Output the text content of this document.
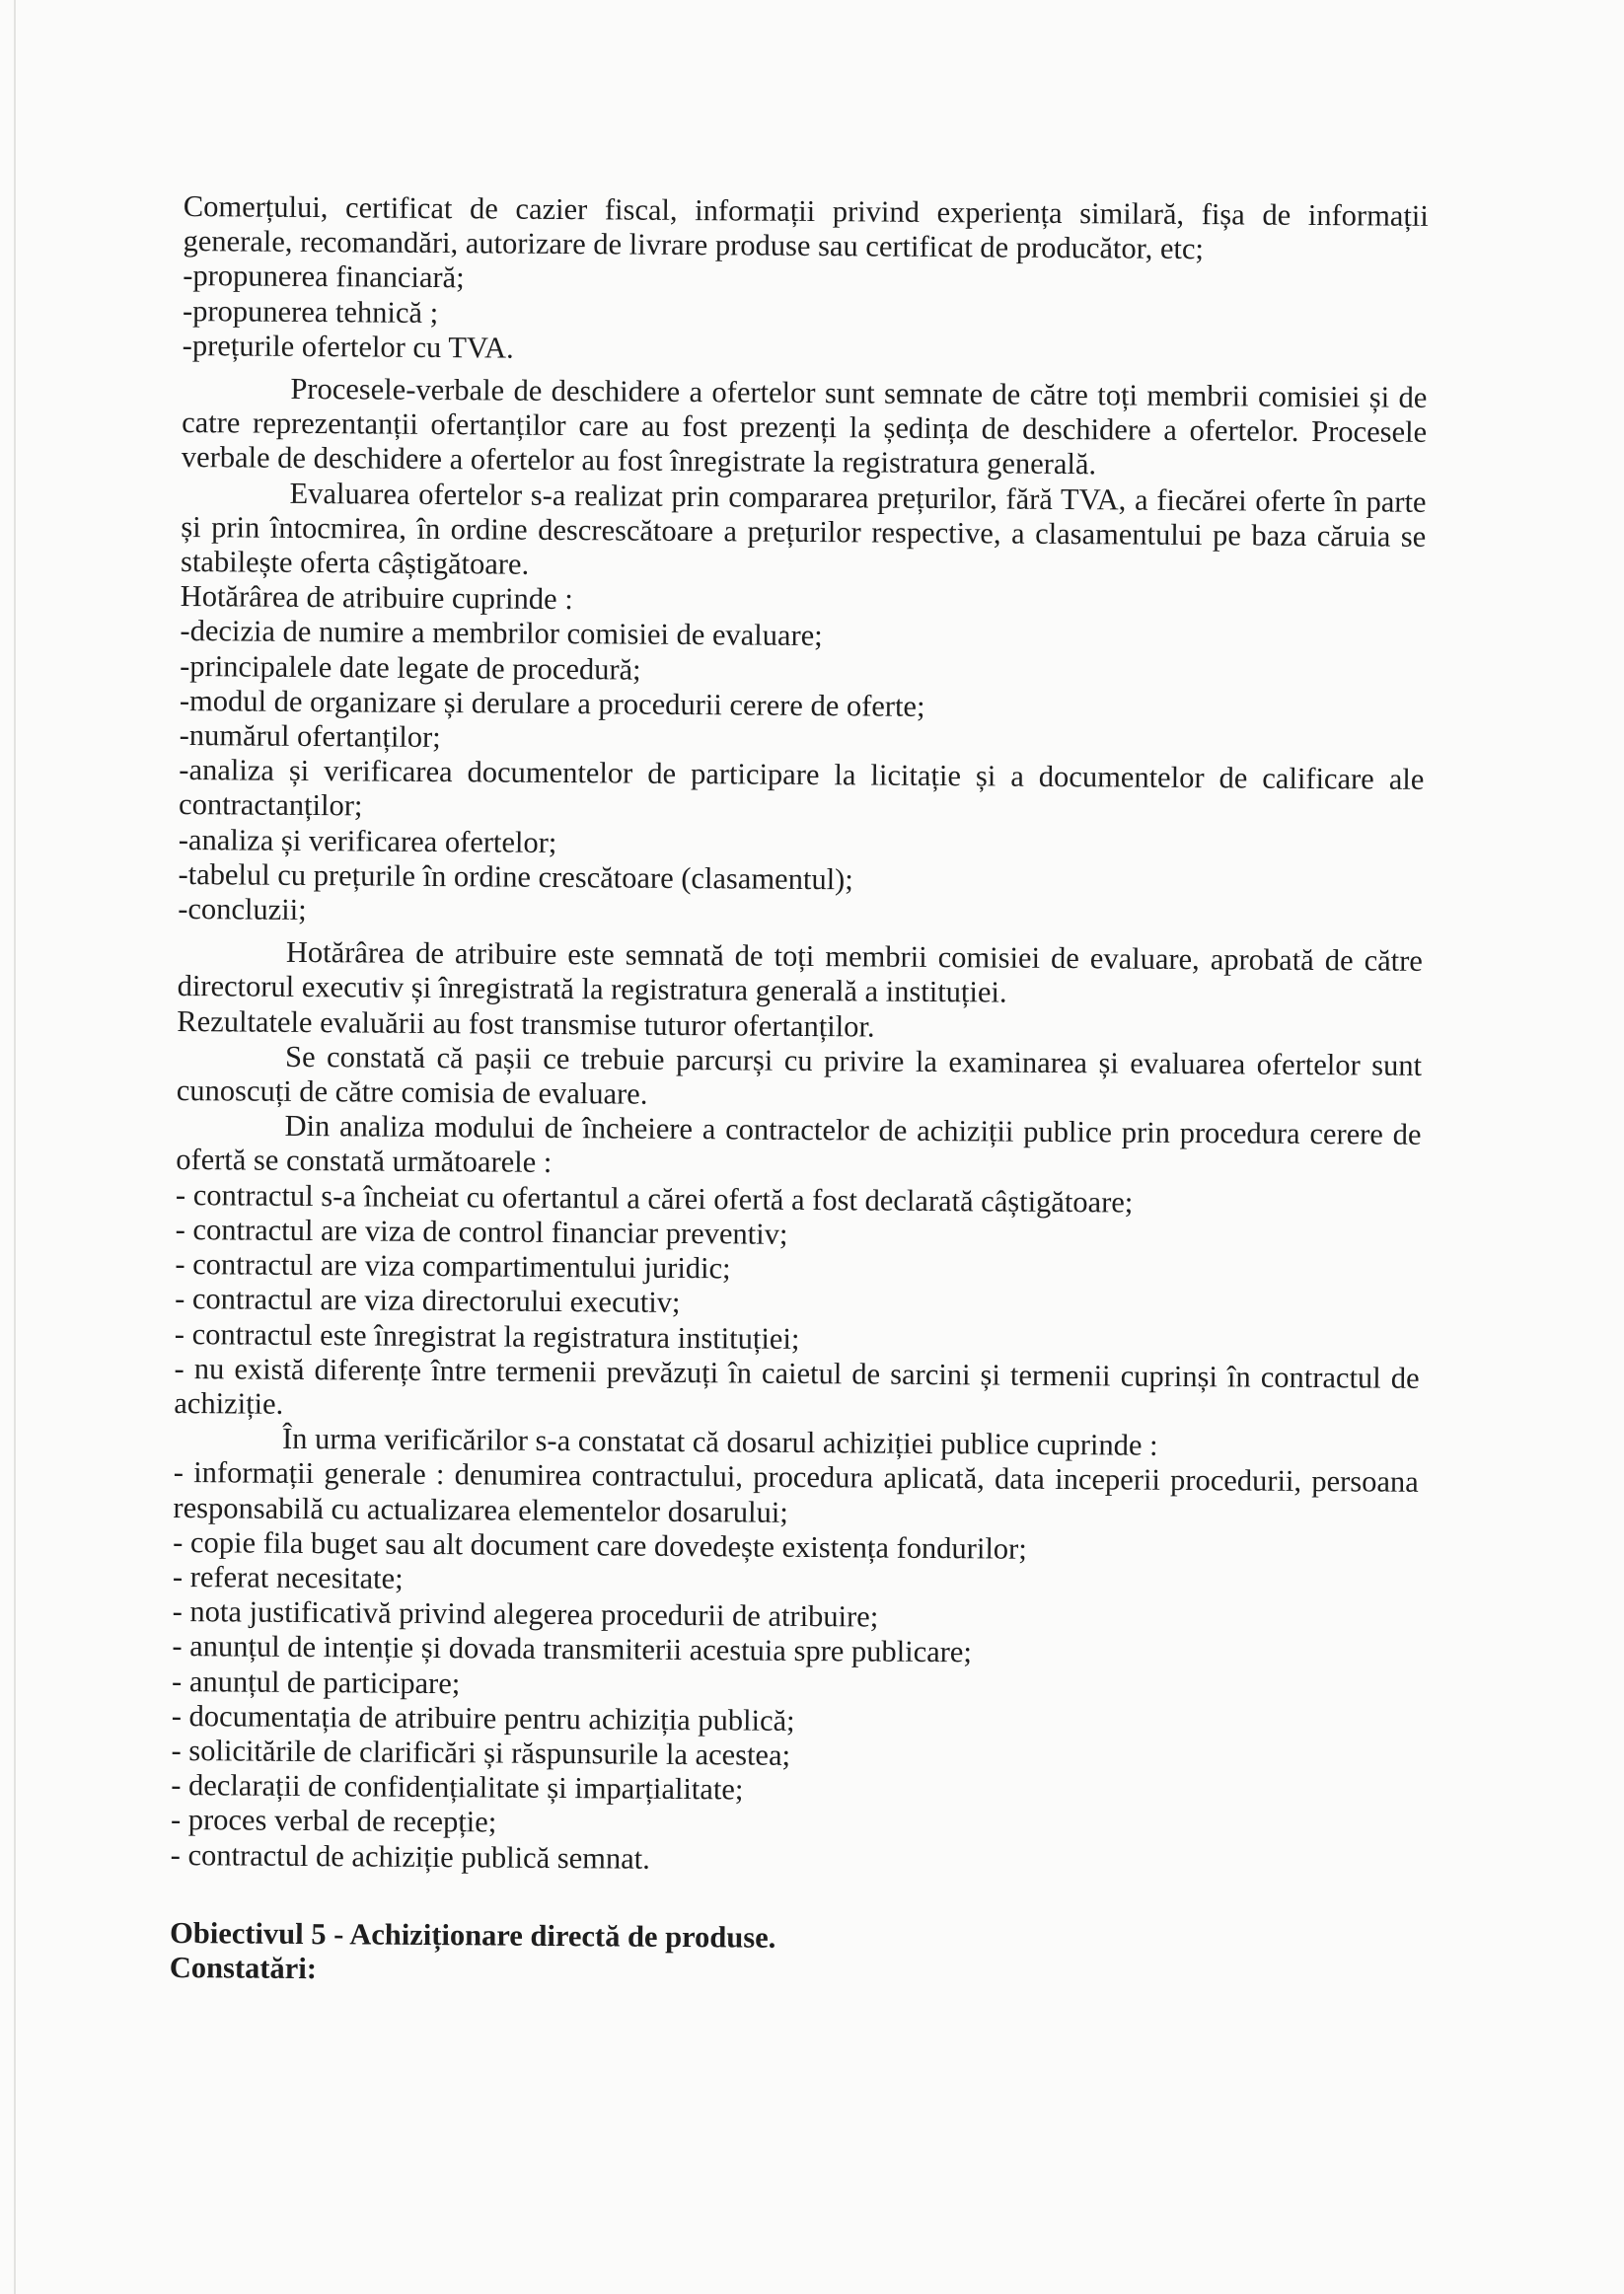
Comerțului, certificat de cazier fiscal, informații privind experiența similară, fișa de informații generale, recomandări, autorizare de livrare produse sau certificat de producător, etc;

-propunerea financiară;

-propunerea tehnică ;

-prețurile ofertelor cu TVA.

Procesele-verbale de deschidere a ofertelor sunt semnate de către toți membrii comisiei și de catre reprezentanții ofertanților care au fost prezenți la ședința de deschidere a ofertelor. Procesele verbale de deschidere a ofertelor au fost înregistrate la registratura generală.

Evaluarea ofertelor s-a realizat prin compararea prețurilor, fără TVA, a fiecărei oferte în parte și prin întocmirea, în ordine descrescătoare a prețurilor respective, a clasamentului pe baza căruia se stabilește oferta câștigătoare.

Hotărârea de atribuire cuprinde :

-decizia de numire a membrilor comisiei de evaluare;

-principalele date legate de procedură;

-modul de organizare și derulare a procedurii cerere de oferte;

-numărul ofertanților;

-analiza și verificarea documentelor de participare la licitație și a documentelor de calificare ale contractanților;

-analiza și verificarea ofertelor;

-tabelul cu prețurile în ordine crescătoare (clasamentul);

-concluzii;

Hotărârea de atribuire este semnată de toți membrii comisiei de evaluare, aprobată de către directorul executiv și înregistrată la registratura generală a instituției.

Rezultatele evaluării au fost transmise tuturor ofertanților.

Se constată că pașii ce trebuie parcurși cu privire la examinarea și evaluarea ofertelor sunt cunoscuți de către comisia de evaluare.

Din analiza modului de încheiere a contractelor de achiziții publice prin procedura cerere de ofertă se constată următoarele :

- contractul s-a încheiat cu ofertantul a cărei ofertă a fost declarată câștigătoare;

- contractul are viza de control financiar preventiv;

- contractul are viza compartimentului juridic;

- contractul are viza directorului executiv;

- contractul este înregistrat la registratura instituției;

- nu există diferențe între termenii prevăzuți în caietul de sarcini și termenii cuprinși în contractul de achiziție.

În urma verificărilor s-a constatat că dosarul achiziției publice cuprinde :

- informații generale : denumirea contractului, procedura aplicată, data inceperii procedurii, persoana responsabilă cu actualizarea elementelor dosarului;

- copie fila buget sau alt document care dovedește existența fondurilor;

- referat necesitate;

- nota justificativă privind alegerea procedurii de atribuire;

- anunțul de intenție și dovada transmiterii acestuia spre publicare;

- anunțul de participare;

- documentația de atribuire pentru achiziția publică;

- solicitările de clarificări și răspunsurile la acestea;

- declarații de confidențialitate și imparțialitate;

- proces verbal de recepție;

- contractul de achiziție publică semnat.

Obiectivul 5 - Achiziționare directă de produse.

Constatări:
